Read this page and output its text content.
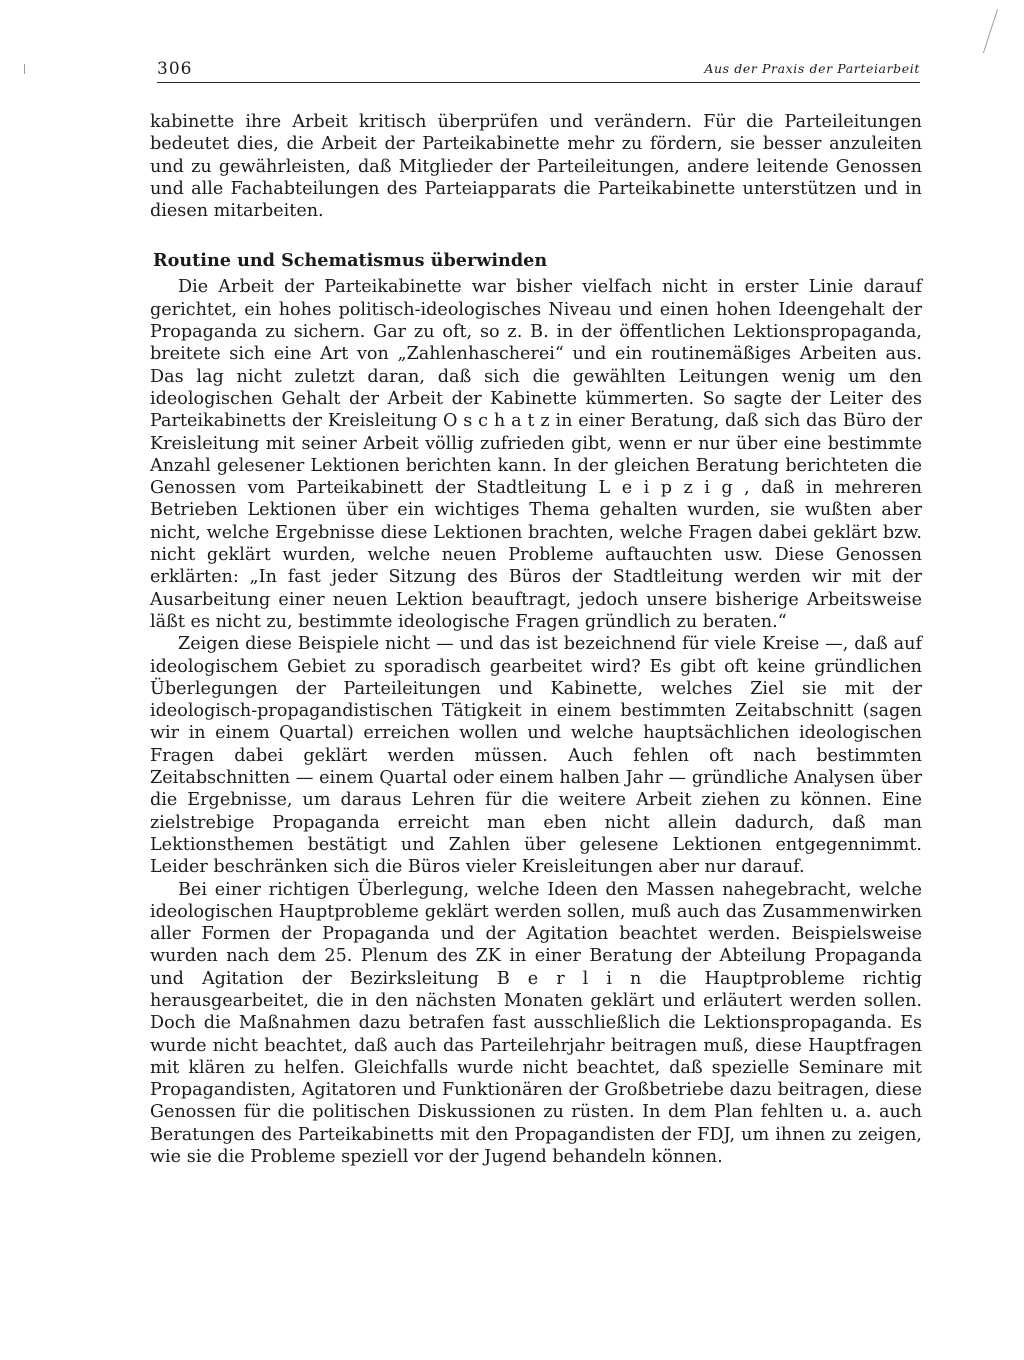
306	Aus der Praxis der Parteiarbeit

kabinette ihre Arbeit kritisch überprüfen und verändern. Für die Parteileitungen bedeutet dies, die Arbeit der Parteikabinette mehr zu fördern, sie besser anzuleiten und zu gewährleisten, daß Mitglieder der Parteileitungen, andere leitende Genossen und alle Fachabteilungen des Parteiapparats die Parteikabinette unterstützen und in diesen mitarbeiten.

Routine und Schematismus überwinden

Die Arbeit der Parteikabinette war bisher vielfach nicht in erster Linie darauf gerichtet, ein hohes politisch-ideologisches Niveau und einen hohen Ideengehalt der Propaganda zu sichern. Gar zu oft, so z. B. in der öffentlichen Lektionspropaganda, breitete sich eine Art von „Zahlenhascherei“ und ein routinemäßiges Arbeiten aus. Das lag nicht zuletzt daran, daß sich die gewählten Leitungen wenig um den ideologischen Gehalt der Arbeit der Kabinette kümmerten. So sagte der Leiter des Parteikabinetts der Kreisleitung O s c h a t z in einer Beratung, daß sich das Büro der Kreisleitung mit seiner Arbeit völlig zufrieden gibt, wenn er nur über eine bestimmte Anzahl gelesener Lektionen berichten kann. In der gleichen Beratung berichteten die Genossen vom Parteikabinett der Stadtleitung L e i p z i g , daß in mehreren Betrieben Lektionen über ein wichtiges Thema gehalten wurden, sie wußten aber nicht, welche Ergebnisse diese Lektionen brachten, welche Fragen dabei geklärt bzw. nicht geklärt wurden, welche neuen Probleme auftauchten usw. Diese Genossen erklärten: „In fast jeder Sitzung des Büros der Stadtleitung werden wir mit der Ausarbeitung einer neuen Lektion beauftragt, jedoch unsere bisherige Arbeitsweise läßt es nicht zu, bestimmte ideologische Fragen gründlich zu beraten.“

Zeigen diese Beispiele nicht — und das ist bezeichnend für viele Kreise —, daß auf ideologischem Gebiet zu sporadisch gearbeitet wird? Es gibt oft keine gründlichen Überlegungen der Parteileitungen und Kabinette, welches Ziel sie mit der ideologisch-propagandistischen Tätigkeit in einem bestimmten Zeitabschnitt (sagen wir in einem Quartal) erreichen wollen und welche hauptsächlichen ideologischen Fragen dabei geklärt werden müssen. Auch fehlen oft nach bestimmten Zeitabschnitten — einem Quartal oder einem halben Jahr — gründliche Analysen über die Ergebnisse, um daraus Lehren für die weitere Arbeit ziehen zu können. Eine zielstrebige Propaganda erreicht man eben nicht allein dadurch, daß man Lektionsthemen bestätigt und Zahlen über gelesene Lektionen entgegennimmt. Leider beschränken sich die Büros vieler Kreisleitungen aber nur darauf.

Bei einer richtigen Überlegung, welche Ideen den Massen nahegebracht, welche ideologischen Hauptprobleme geklärt werden sollen, muß auch das Zusammenwirken aller Formen der Propaganda und der Agitation beachtet werden. Beispielsweise wurden nach dem 25. Plenum des ZK in einer Beratung der Abteilung Propaganda und Agitation der Bezirksleitung B e r l i n die Hauptprobleme richtig herausgearbeitet, die in den nächsten Monaten geklärt und erläutert werden sollen. Doch die Maßnahmen dazu betrafen fast ausschließlich die Lektionspropaganda. Es wurde nicht beachtet, daß auch das Parteilehrjahr beitragen muß, diese Hauptfragen mit klären zu helfen. Gleichfalls wurde nicht beachtet, daß spezielle Seminare mit Propagandisten, Agitatoren und Funktionären der Großbetriebe dazu beitragen, diese Genossen für die politischen Diskussionen zu rüsten. In dem Plan fehlten u. a. auch Beratungen des Parteikabinetts mit den Propagandisten der FDJ, um ihnen zu zeigen, wie sie die Probleme speziell vor der Jugend behandeln können.
